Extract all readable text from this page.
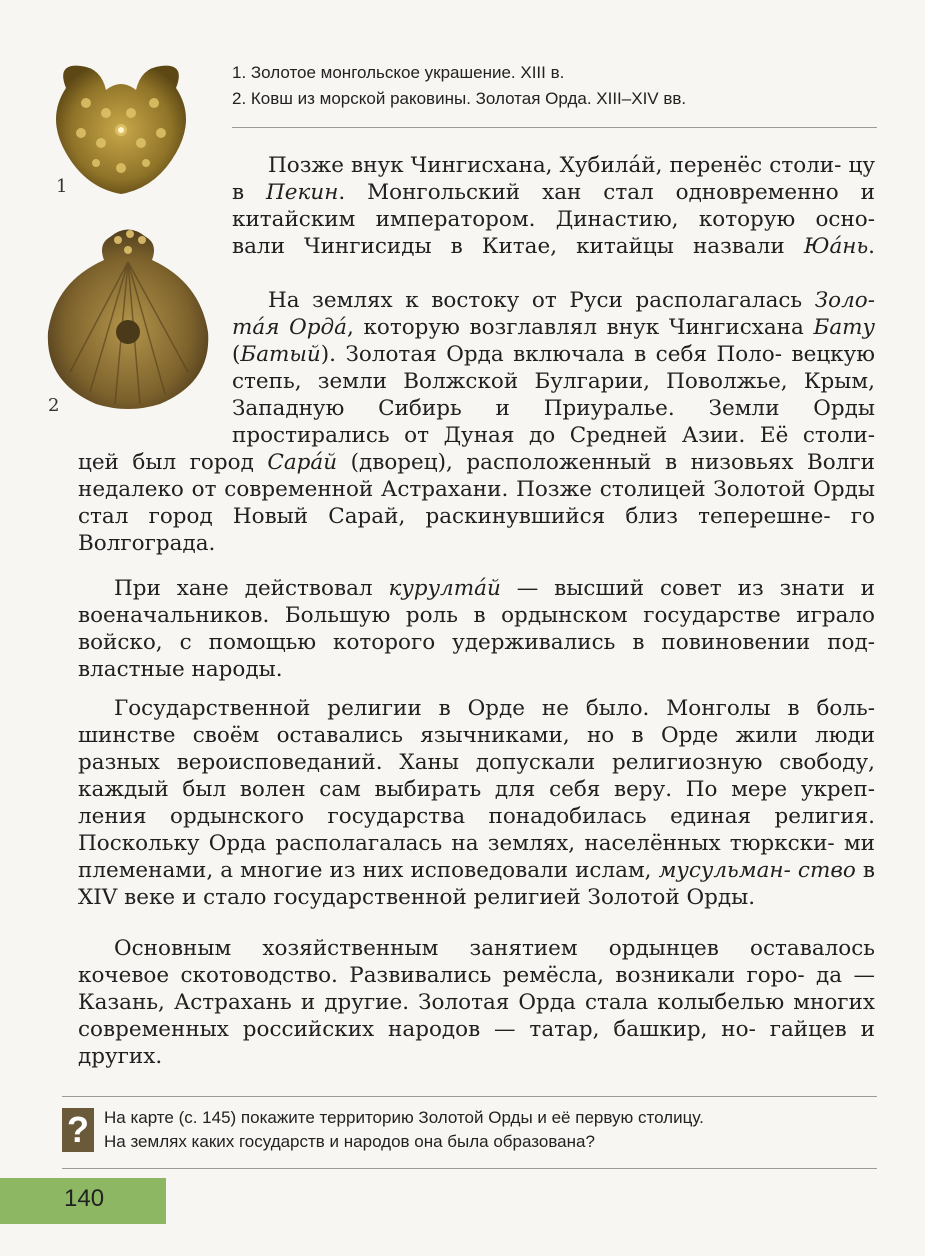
1
2
1. Золотое монгольское украшение. XIII в.
2. Ковш из морской раковины. Золотая Орда. XIII–XIV вв.
Позже внук Чингисхана, Хубила́й, перенёс столи- цу в Пекин. Монгольский хан стал одновременно и китайским императором. Династию, которую осно- вали Чингисиды в Китае, китайцы назвали Юа́нь.
На землях к востоку от Руси располагалась Золо- та́я Орда́, которую возглавлял внук Чингисхана Бату (Батый). Золотая Орда включала в себя Поло- вецкую степь, земли Волжской Булгарии, Поволжье, Крым, Западную Сибирь и Приуралье. Земли Орды простирались от Дуная до Средней Азии. Её столи-
цей был город Сара́й (дворец), расположенный в низовьях Волги недалеко от современной Астрахани. Позже столицей Золотой Орды стал город Новый Сарай, раскинувшийся близ теперешне- го Волгограда.
При хане действовал курулта́й — высший совет из знати и военачальников. Большую роль в ордынском государстве играло войско, с помощью которого удерживались в повиновении под- властные народы.
Государственной религии в Орде не было. Монголы в боль- шинстве своём оставались язычниками, но в Орде жили люди разных вероисповеданий. Ханы допускали религиозную свободу, каждый был волен сам выбирать для себя веру. По мере укреп- ления ордынского государства понадобилась единая религия. Поскольку Орда располагалась на землях, населённых тюркски- ми племенами, а многие из них исповедовали ислам, мусульман- ство в XIV веке и стало государственной религией Золотой Орды.
Основным хозяйственным занятием ордынцев оставалось кочевое скотоводство. Развивались ремёсла, возникали горо- да — Казань, Астрахань и другие. Золотая Орда стала колыбелью многих современных российских народов — татар, башкир, но- гайцев и других.
? На карте (с. 145) покажите территорию Золотой Орды и её первую столицу.
На землях каких государств и народов она была образована?
140
